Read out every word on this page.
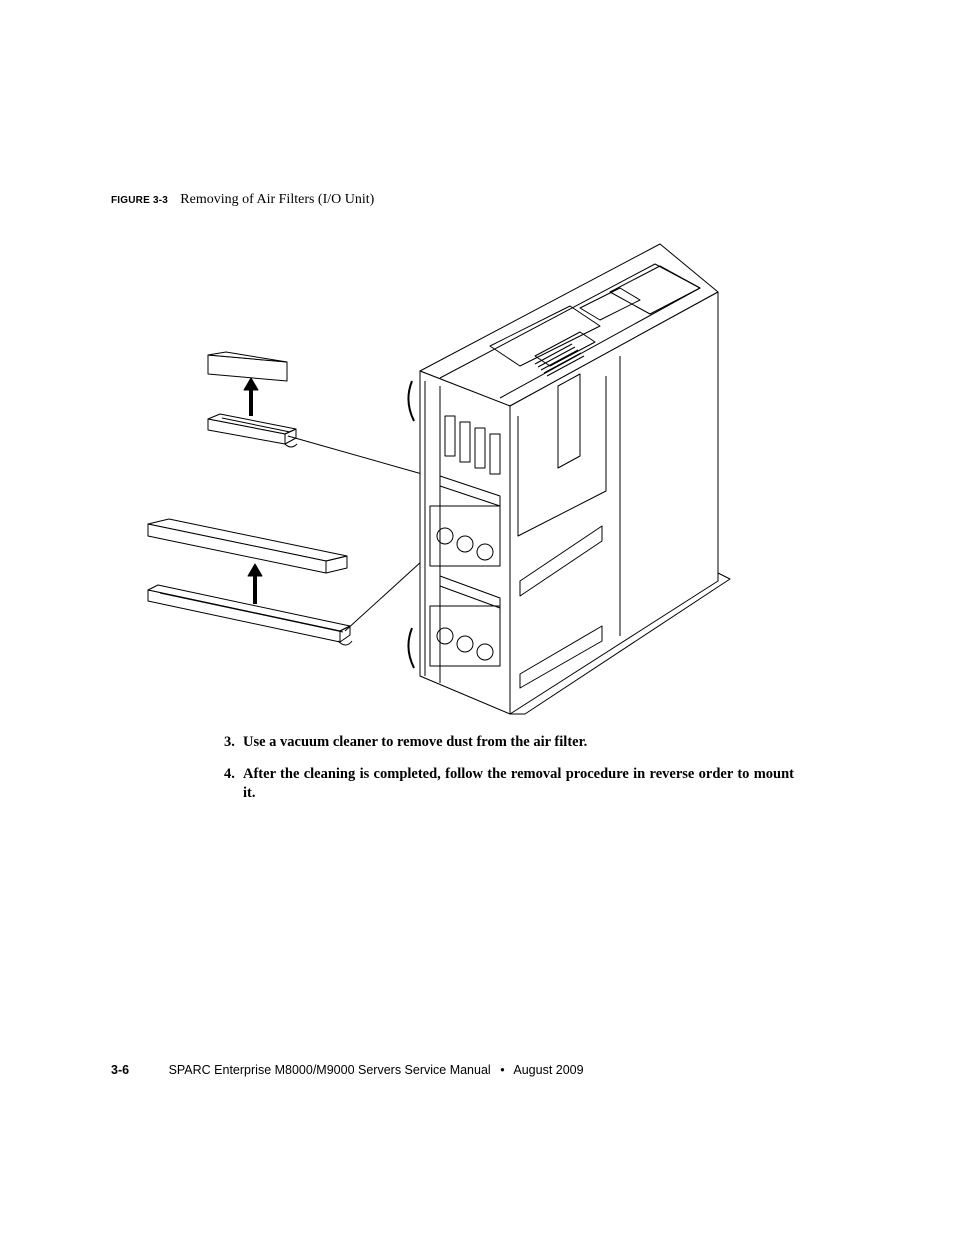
FIGURE 3-3 Removing of Air Filters (I/O Unit)
3. Use a vacuum cleaner to remove dust from the air filter.
4. After the cleaning is completed, follow the removal procedure in reverse order to mount it.
3-6	SPARC Enterprise M8000/M9000 Servers Service Manual • August 2009
